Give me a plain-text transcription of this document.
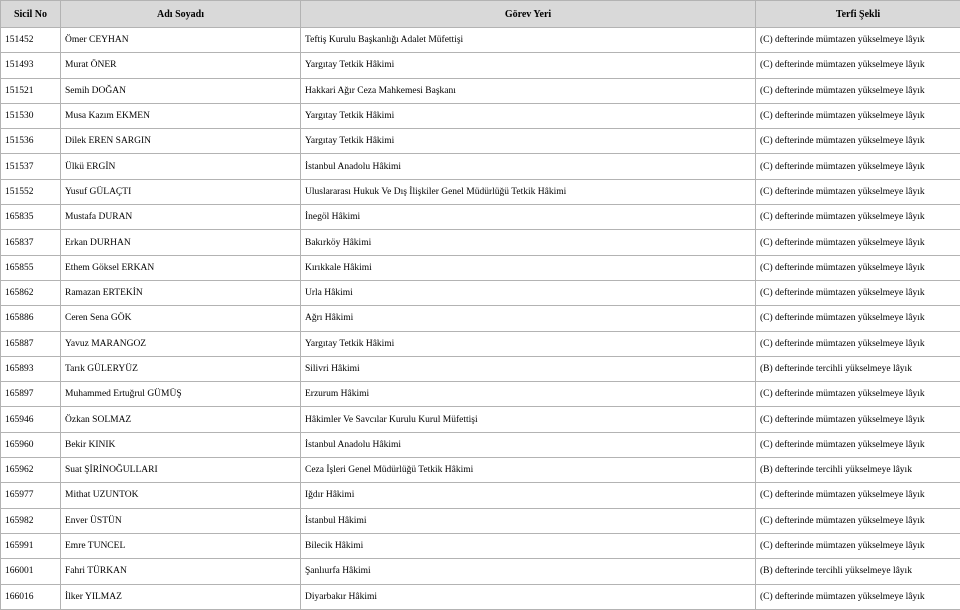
Sicil No	Adı Soyadı	Görev Yeri	Terfi Şekli
151452	Ömer CEYHAN	Teftiş Kurulu Başkanlığı Adalet Müfettişi	(C) defterinde mümtazen yükselmeye lâyık
151493	Murat ÖNER	Yargıtay Tetkik Hâkimi	(C) defterinde mümtazen yükselmeye lâyık
151521	Semih DOĞAN	Hakkari Ağır Ceza Mahkemesi Başkanı	(C) defterinde mümtazen yükselmeye lâyık
151530	Musa Kazım EKMEN	Yargıtay Tetkik Hâkimi	(C) defterinde mümtazen yükselmeye lâyık
151536	Dilek EREN SARGIN	Yargıtay Tetkik Hâkimi	(C) defterinde mümtazen yükselmeye lâyık
151537	Ülkü ERGİN	İstanbul Anadolu Hâkimi	(C) defterinde mümtazen yükselmeye lâyık
151552	Yusuf GÜLAÇTI	Uluslararası Hukuk Ve Dış İlişkiler Genel Müdürlüğü Tetkik Hâkimi	(C) defterinde mümtazen yükselmeye lâyık
165835	Mustafa DURAN	İnegöl Hâkimi	(C) defterinde mümtazen yükselmeye lâyık
165837	Erkan DURHAN	Bakırköy Hâkimi	(C) defterinde mümtazen yükselmeye lâyık
165855	Ethem Göksel ERKAN	Kırıkkale Hâkimi	(C) defterinde mümtazen yükselmeye lâyık
165862	Ramazan ERTEKİN	Urla Hâkimi	(C) defterinde mümtazen yükselmeye lâyık
165886	Ceren Sena GÖK	Ağrı Hâkimi	(C) defterinde mümtazen yükselmeye lâyık
165887	Yavuz MARANGOZ	Yargıtay Tetkik Hâkimi	(C) defterinde mümtazen yükselmeye lâyık
165893	Tarık GÜLERYÜZ	Silivri Hâkimi	(B) defterinde tercihli yükselmeye lâyık
165897	Muhammed Ertuğrul GÜMÜŞ	Erzurum Hâkimi	(C) defterinde mümtazen yükselmeye lâyık
165946	Özkan SOLMAZ	Hâkimler Ve Savcılar Kurulu Kurul Müfettişi	(C) defterinde mümtazen yükselmeye lâyık
165960	Bekir KINIK	İstanbul Anadolu Hâkimi	(C) defterinde mümtazen yükselmeye lâyık
165962	Suat ŞİRİNOĞULLARI	Ceza İşleri Genel Müdürlüğü Tetkik Hâkimi	(B) defterinde tercihli yükselmeye lâyık
165977	Mithat UZUNTOK	Iğdır Hâkimi	(C) defterinde mümtazen yükselmeye lâyık
165982	Enver ÜSTÜN	İstanbul Hâkimi	(C) defterinde mümtazen yükselmeye lâyık
165991	Emre TUNCEL	Bilecik Hâkimi	(C) defterinde mümtazen yükselmeye lâyık
166001	Fahri TÜRKAN	Şanlıurfa Hâkimi	(B) defterinde tercihli yükselmeye lâyık
166016	İlker YILMAZ	Diyarbakır Hâkimi	(C) defterinde mümtazen yükselmeye lâyık
